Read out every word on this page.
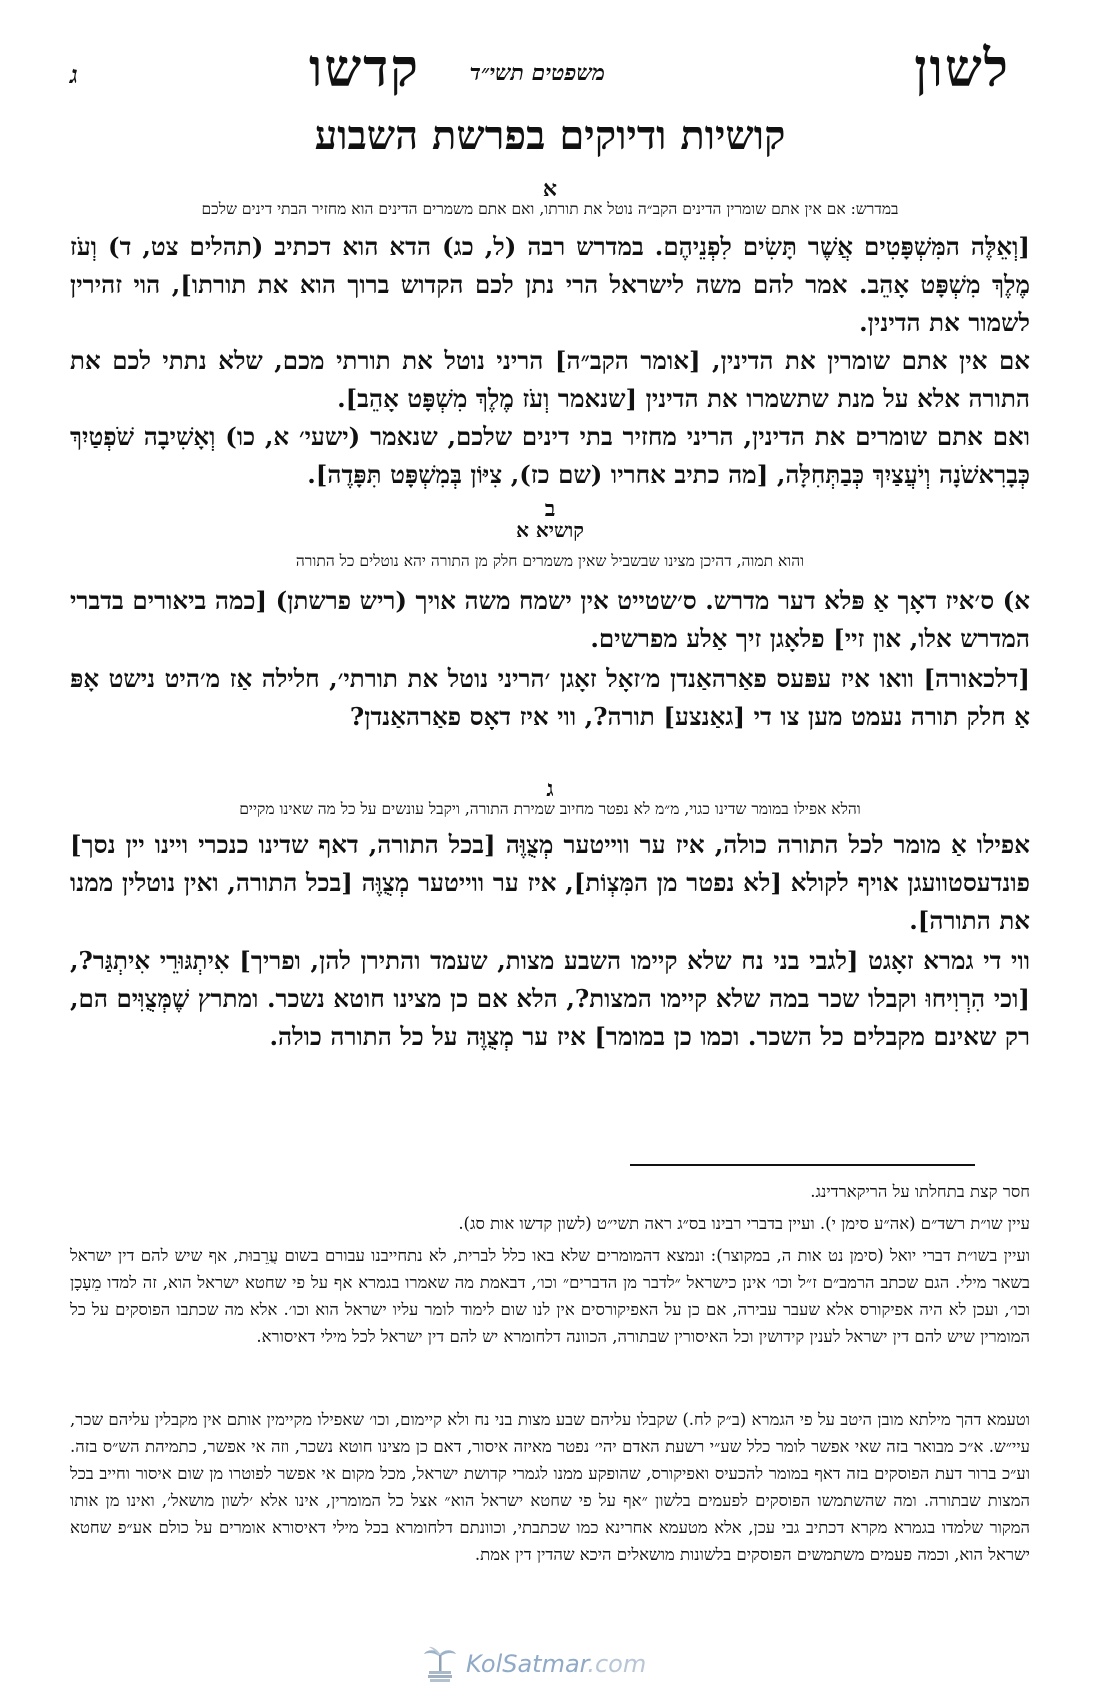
לשון
משפטים תשי״ד
קדשו
ג
קושיות ודיוקים בפרשת השבוע
א
במדרש: אם אין אתם שומרין הדינים הקב״ה נוטל את תורתו, ואם אתם משמרים הדינים הוא מחזיר הבתי דינים שלכם
[וְאֵלֶּה המִּשְׁפָּטִים אֲשֶׁר תָּשִׂים לִפְנֵיהֶם. במדרש רבה (ל, כג) הדא הוא דכתיב (תהלים צט, ד) וְעֹז מֶלֶךְ מִשְׁפָּט אָהֵב. אמר להם משה לישראל הרי נתן לכם הקדוש ברוך הוא את תורתו], הוי זהירין לשמור את הדינין.
אם אין אתם שומרין את הדינין, [אומר הקב״ה] הריני נוטל את תורתי מכם, שלא נתתי לכם את התורה אלא על מנת שתשמרו את הדינין [שנאמר וְעֹז מֶלֶךְ מִשְׁפָּט אָהֵב].
ואם אתם שומרים את הדינין, הריני מחזיר בתי דינים שלכם, שנאמר (ישעי׳ א, כו) וְאָשִׁיבָה שֹׁפְטַיִךְ כְּבָרִאשֹׁנָה וְיֹעֲצַיִךְ כְּבַתְּחִלָּה, [מה כתיב אחריו (שם כז), צִיּוֹן בְּמִשְׁפָּט תִּפָּדֶה].
ב
קושיא א
והוא תמוה, דהיכן מצינו שבשביל שאין משמרים חלק מן התורה יהא נוטלים כל התורה
א) ס׳איז דאָך אַ פּלא דער מדרש. ס׳שטייט אין ישמח משה אויך (ריש פרשתן) [כמה ביאורים בדברי המדרש אלו, און זיי] פלאָגן זיך אַלע מפרשים.
[דלכאורה] וואו איז עפּעס פאַרהאַנדן מ׳זאָל זאָגן ׳הריני נוטל את תורתי׳, חלילה אַז מ׳היט נישט אָפּ אַ חלק תורה נעמט מען צו די [גאַנצע] תורה?, ווי איז דאָס פאַרהאַנדן?
ג
והלא אפילו במומר שדינו כגוי, מ״מ לא נפטר מחיוב שמירת התורה, ויקבל עונשים על כל מה שאינו מקיים
אפילו אַ מומר לכל התורה כולה, איז ער ווייטער מְצֻוֶּה [בכל התורה, דאף שדינו כנכרי ויינו יין נסך] פונדעסטוועגן אויף לקולא [לא נפטר מן המִּצְוֹת], איז ער ווייטער מְצֻוֶּה [בכל התורה, ואין נוטלין ממנו את התורה].
ווי די גמרא זאָגט [לגבי בני נח שלא קיימו השבע מצות, שעמד והתירן להן, ופריך] אִיתְגּוּרֵי אִיתְגַּר?, [וכי הִרְוִיחוּ וקבלו שכר במה שלא קיימו המצות?, הלא אם כן מצינו חוטא נשכר. ומתרץ שֶׁמְּצֻוִּים הם, רק שאינם מקבלים כל השכר. וכמו כן במומר] איז ער מְצֻוֶּה על כל התורה כולה.
חסר קצת בתחלתו על הריקארדינג.
עיין שו״ת רשד״ם (אה״ע סימן י). ועיין בדברי רבינו בס״ג ראה תשי״ט (לשון קדשו אות סג).
ועיין בשו״ת דברי יואל (סימן נט אות ה, במקוצר): ונמצא דהמומרים שלא באו כלל לברית, לא נתחייבנו עבורם בשום עֲרֵבוּת, אף שיש להם דין ישראל בשאר מילי. הגם שכתב הרמב״ם ז״ל וכו׳ אינן כישראל ״לדבר מן הדברים״ וכו׳, דבאמת מה שאמרו בגמרא אף על פי שחטא ישראל הוא, זה למדו מֵעָכָן וכו׳, ועכן לא היה אפיקורס אלא שעבר עבירה, אם כן על האפיקורסים אין לנו שום לימוד לומר עליו ישראל הוא וכו׳. אלא מה שכתבו הפוסקים על כל המומרין שיש להם דין ישראל לענין קידושין וכל האיסורין שבתורה, הכוונה דלחומרא יש להם דין ישראל לכל מילי דאיסורא.
וטעמא דהך מילתא מובן היטב על פי הגמרא (ב״ק לח.) שקבלו עליהם שבע מצות בני נח ולא קיימום, וכו׳ שאפילו מקיימין אותם אין מקבלין עליהם שכר, עיי״ש. א״כ מבואר בזה שאי אפשר לומר כלל שע״י רשעת האדם יהי׳ נפטר מאיזה איסור, דאם כן מצינו חוטא נשכר, וזה אי אפשר, כתמיהת הש״ס בזה. וע״כ ברור דעת הפוסקים בזה דאף במומר להכעיס ואפיקורס, שהופקע ממנו לגמרי קדושת ישראל, מכל מקום אי אפשר לפוטרו מן שום איסור וחייב בכל המצות שבתורה. ומה שהשתמשו הפוסקים לפעמים בלשון ״אף על פי שחטא ישראל הוא״ אצל כל המומרין, אינו אלא ׳לשון מושאל׳, ואינו מן אותו המקור שלמדו בגמרא מקרא דכתיב גבי עכן, אלא מטעמא אחרינא כמו שכתבתי, וכוונתם דלחומרא בכל מילי דאיסורא אומרים על כולם אע״פ שחטא ישראל הוא, וכמה פעמים משתמשים הפוסקים בלשונות מושאלים היכא שהדין דין אמת.
KolSatmar.com
